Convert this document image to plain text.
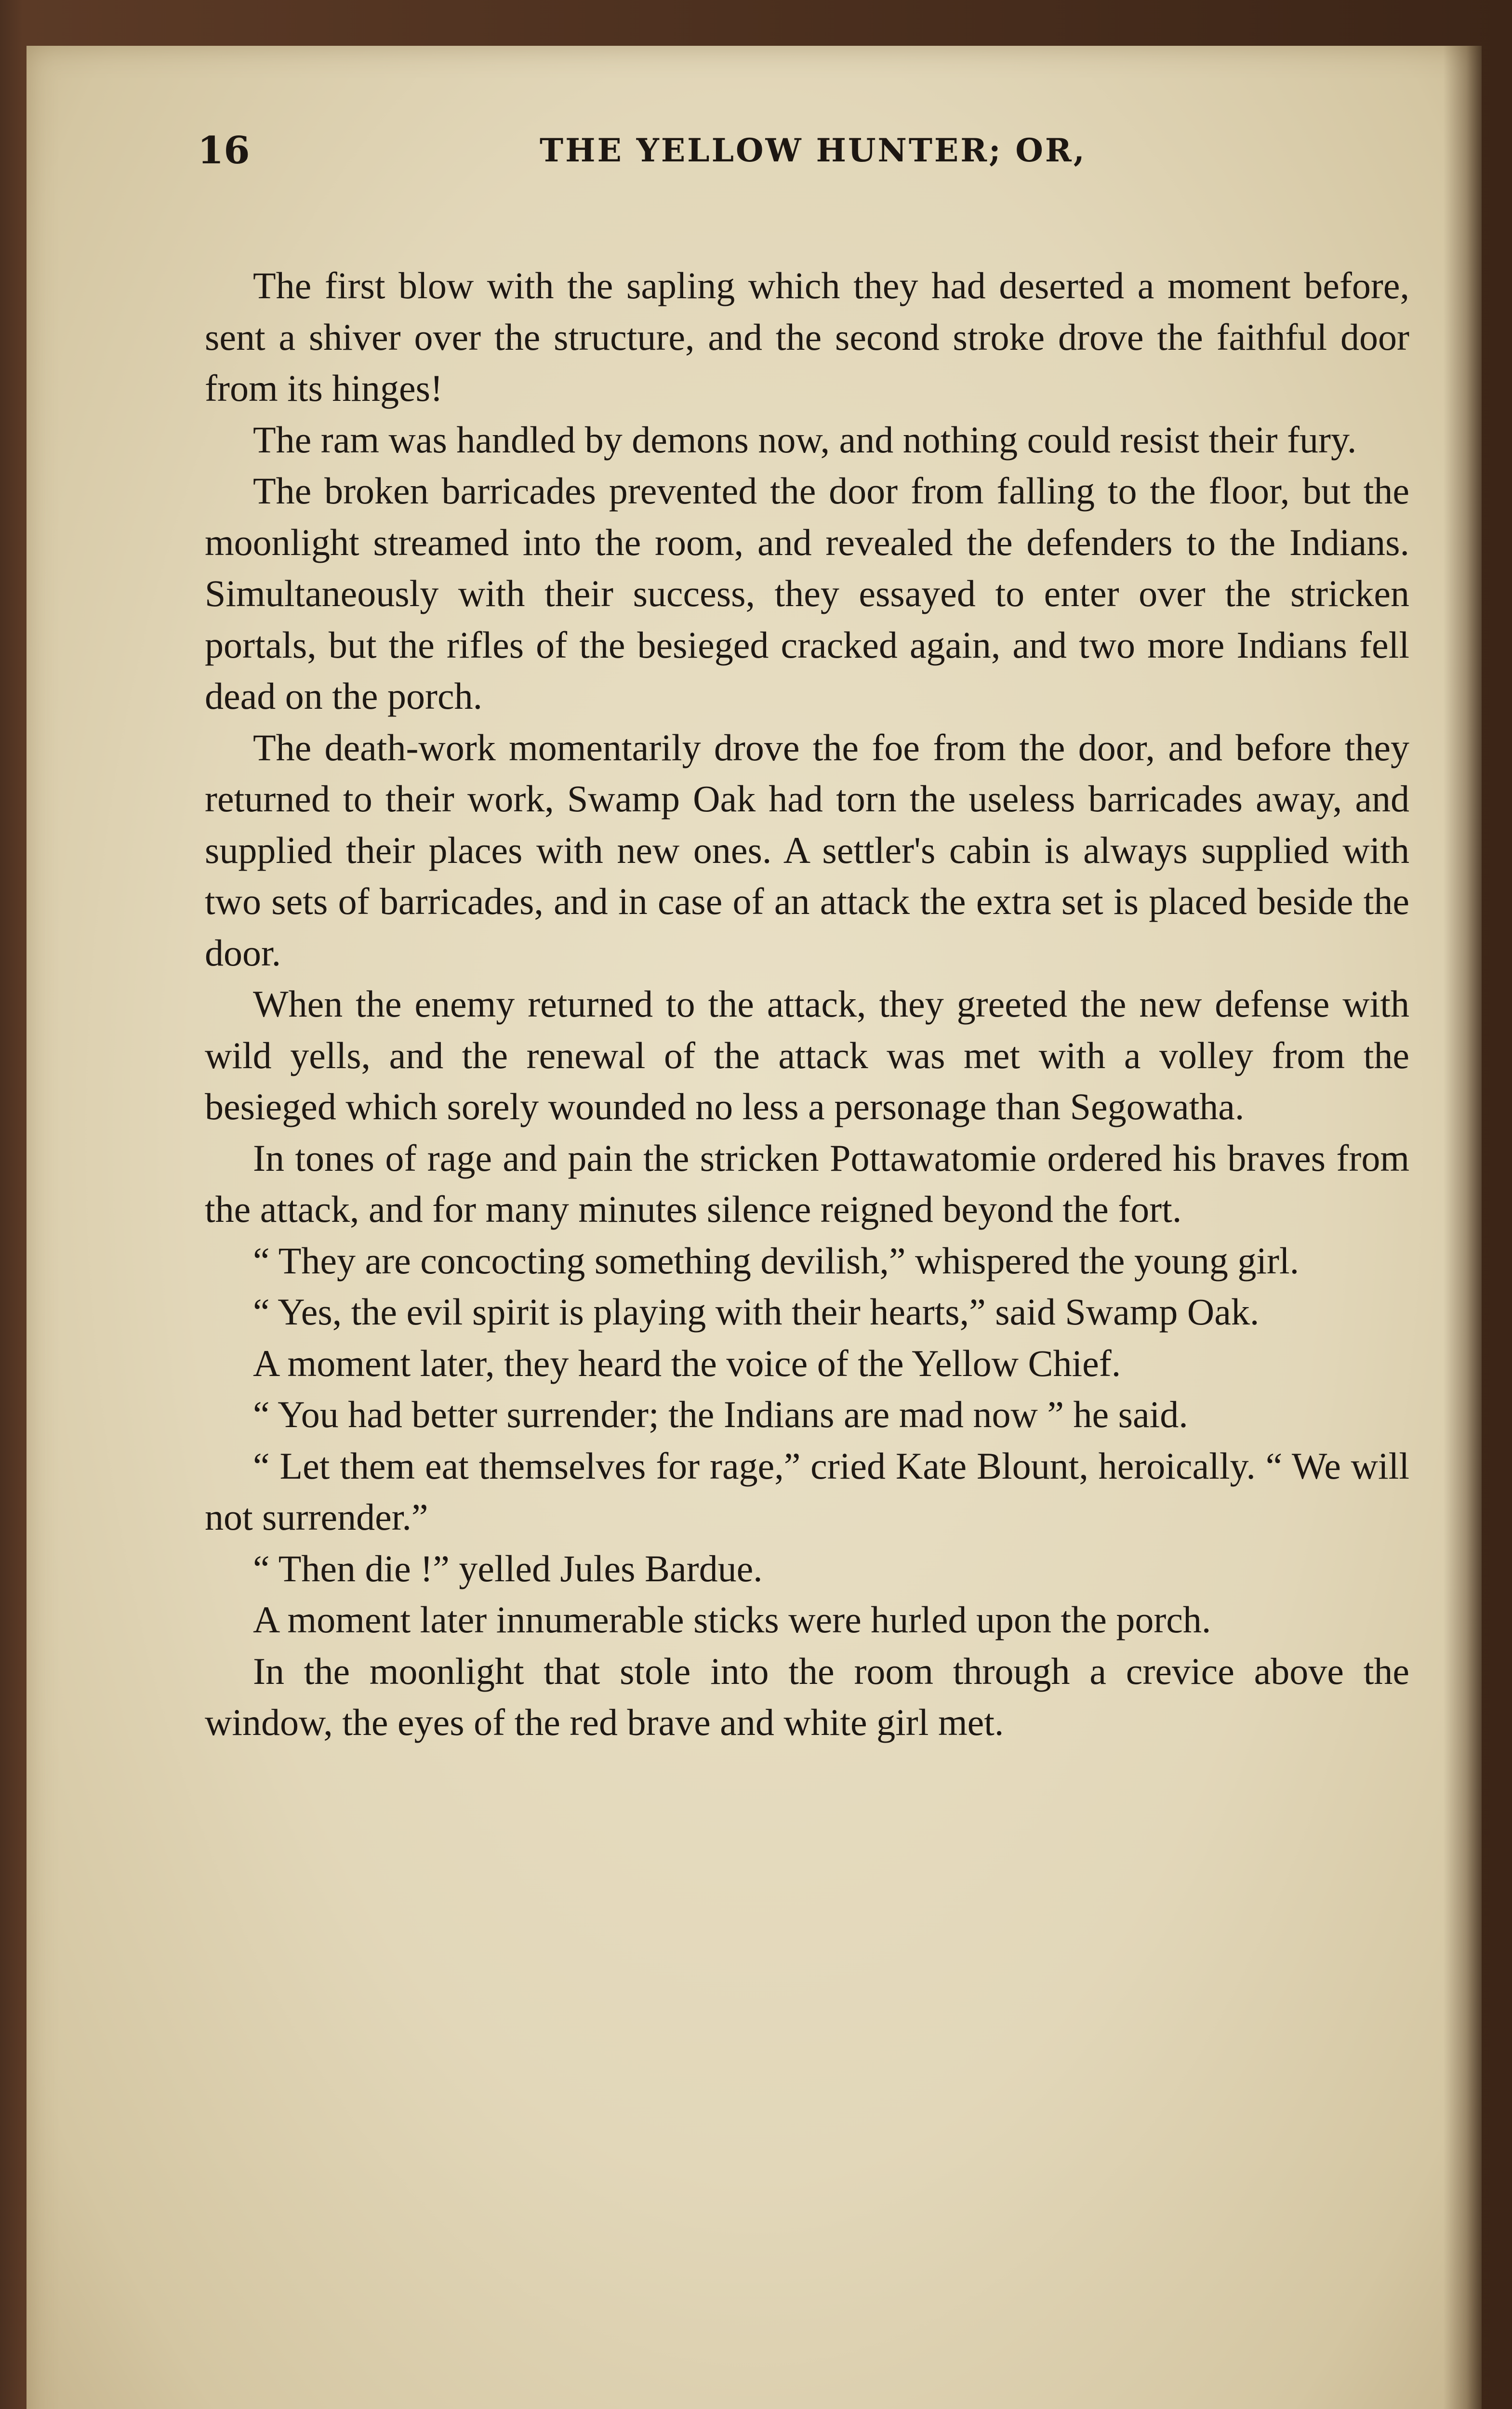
16	THE YELLOW HUNTER; OR,

The first blow with the sapling which they had deserted a moment before, sent a shiver over the structure, and the second stroke drove the faithful door from its hinges!

The ram was handled by demons now, and nothing could resist their fury.

The broken barricades prevented the door from falling to the floor, but the moonlight streamed into the room, and revealed the defenders to the Indians. Simultaneously with their success, they essayed to enter over the stricken portals, but the rifles of the besieged cracked again, and two more Indians fell dead on the porch.

The death-work momentarily drove the foe from the door, and before they returned to their work, Swamp Oak had torn the useless barricades away, and supplied their places with new ones. A settler's cabin is always supplied with two sets of barricades, and in case of an attack the extra set is placed beside the door.

When the enemy returned to the attack, they greeted the new defense with wild yells, and the renewal of the attack was met with a volley from the besieged which sorely wounded no less a personage than Segowatha.

In tones of rage and pain the stricken Pottawatomie ordered his braves from the attack, and for many minutes silence reigned beyond the fort.

“ They are concocting something devilish,” whispered the young girl.

“ Yes, the evil spirit is playing with their hearts,” said Swamp Oak.

A moment later, they heard the voice of the Yellow Chief.

“ You had better surrender; the Indians are mad now ” he said.

“ Let them eat themselves for rage,” cried Kate Blount, heroically. “ We will not surrender.”

“ Then die !” yelled Jules Bardue.

A moment later innumerable sticks were hurled upon the porch.

In the moonlight that stole into the room through a crevice above the window, the eyes of the red brave and white girl met.
